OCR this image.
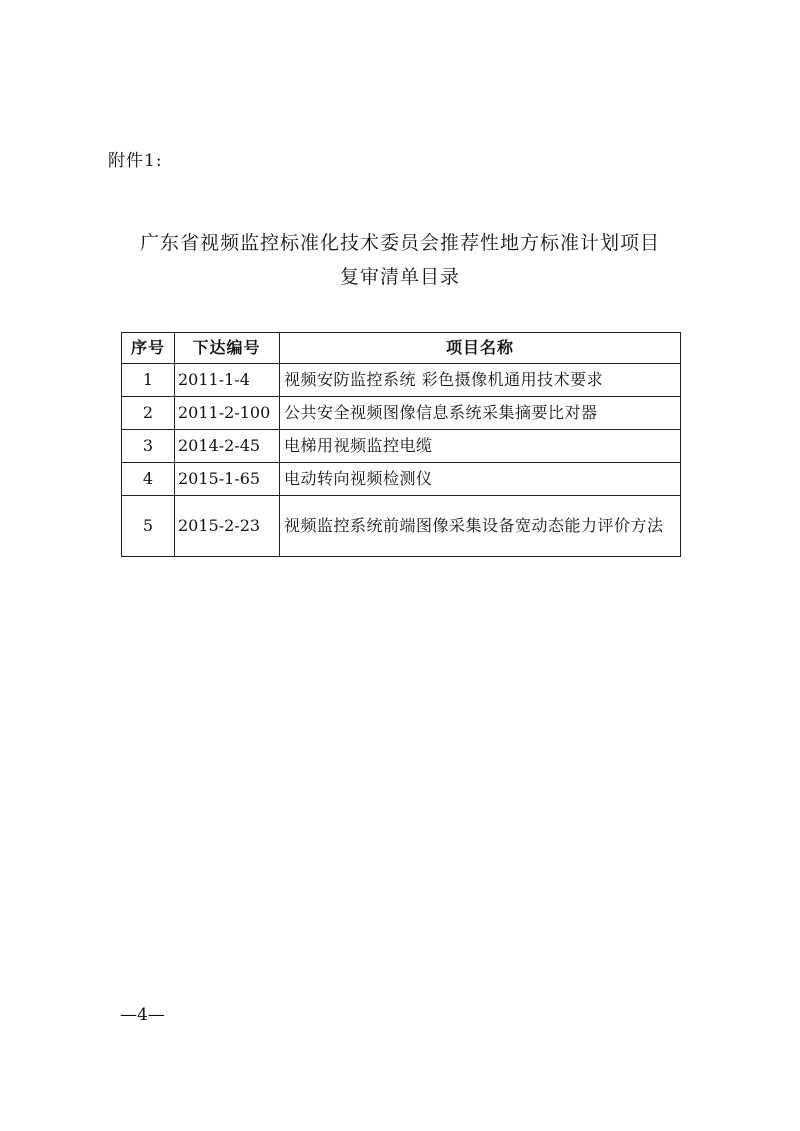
附件1:
广东省视频监控标准化技术委员会推荐性地方标准计划项目
复审清单目录
序号	下达编号	项目名称
1	2011-1-4	视频安防监控系统 彩色摄像机通用技术要求
2	2011-2-100	公共安全视频图像信息系统采集摘要比对器
3	2014-2-45	电梯用视频监控电缆
4	2015-1-65	电动转向视频检测仪
5	2015-2-23	视频监控系统前端图像采集设备宽动态能力评价方法
—4—
